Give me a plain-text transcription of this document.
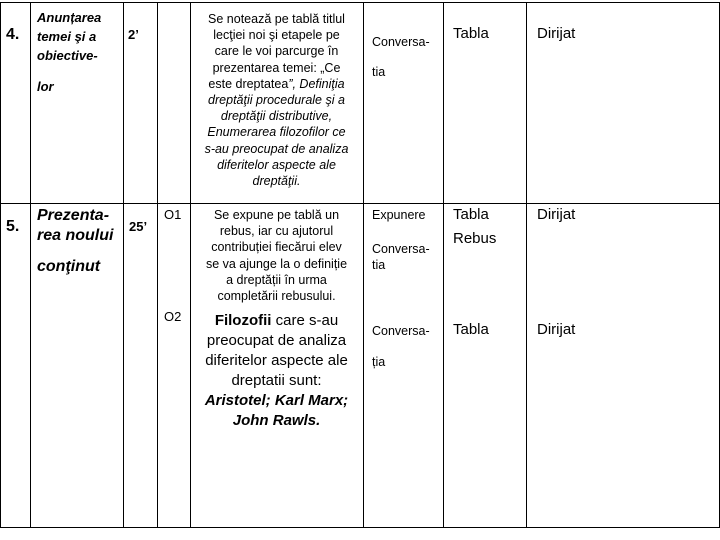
4.
Anunțarea
temei şi a
obiective-
lor
2’
Se notează pe tablă titlul
lecţiei noi şi etapele pe
care le voi parcurge în
prezentarea temei: „Ce
este dreptatea”, Definiţia
dreptăţii procedurale şi a
dreptăţii distributive,
Enumerarea filozofilor ce
s-au preocupat de analiza
diferitelor aspecte ale
dreptăţii.
Conversa-
tia
Tabla	Dirijat
5.
Prezenta-
rea noului
conţinut
25’
O1
O2
Se expune pe tablă un
rebus, iar cu ajutorul
contribuției fiecărui elev
se va ajunge la o definiție
a dreptății în urma
completării rebusului.
Filozofii care s-au
preocupat de analiza
diferitelor aspecte ale
dreptatii sunt:
Aristotel; Karl Marx;
John Rawls.
Expunere
Conversa-
tia
Tabla
Rebus
Dirijat
Conversa-
ția
Tabla	Dirijat
